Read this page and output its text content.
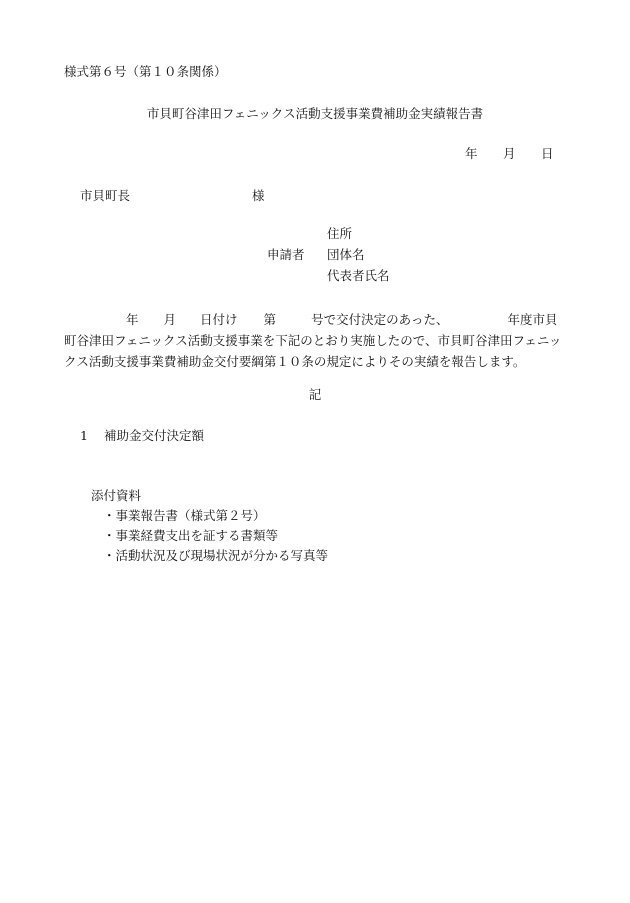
様式第６号（第１０条関係）
市貝町谷津田フェニックス活動支援事業費補助金実績報告書
年 月 日
市貝町長	様
住所
申請者 団体名
代表者氏名
年 月 日付け 第	号で交付決定のあった、	年度市貝
町谷津田フェニックス活動支援事業を下記のとおり実施したので、市貝町谷津田フェニッ
クス活動支援事業費補助金交付要綱第１０条の規定によりその実績を報告します。
記
1 補助金交付決定額
添付資料
・事業報告書（様式第２号）
・事業経費支出を証する書類等
・活動状況及び現場状況が分かる写真等
